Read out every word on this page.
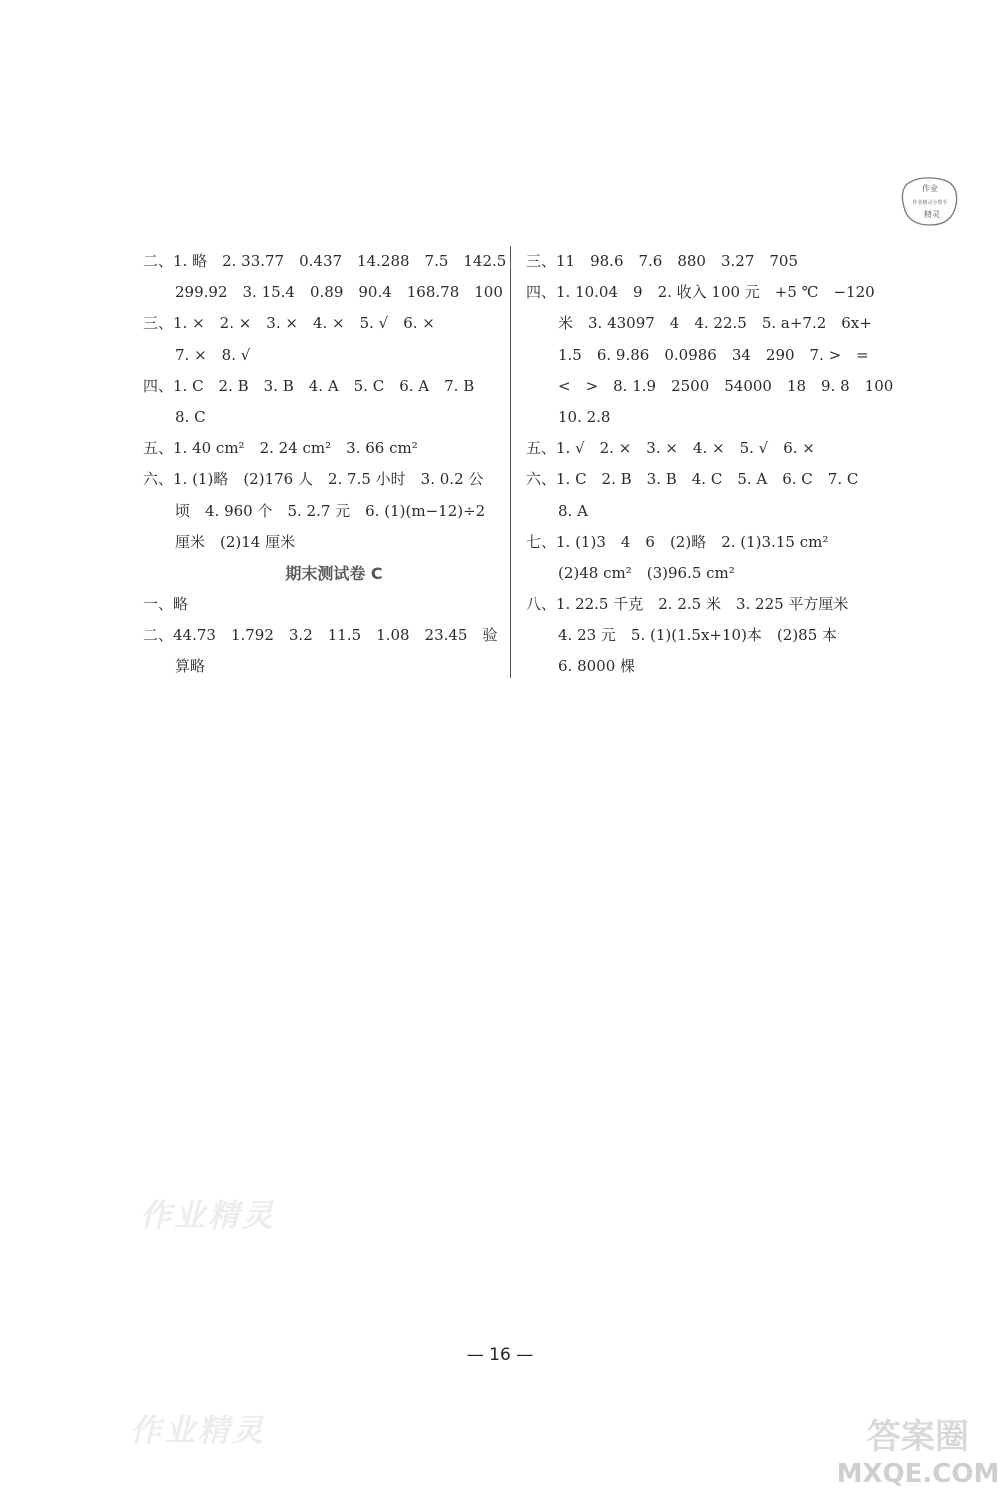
二、1. 略　2. 33.77　0.437　14.288　7.5　142.5
299.92　3. 15.4　0.89　90.4　168.78　100
三、1. ×　2. ×　3. ×　4. ×　5. √　6. ×
7. ×　8. √
四、1. C　2. B　3. B　4. A　5. C　6. A　7. B
8. C
五、1. 40 cm²　2. 24 cm²　3. 66 cm²
六、1. (1)略　(2)176 人　2. 7.5 小时　3. 0.2 公
顷　4. 960 个　5. 2.7 元　6. (1)(m−12)÷2
厘米　(2)14 厘米
期末测试卷 C
一、略
二、44.73　1.792　3.2　11.5　1.08　23.45　验
算略
三、11　98.6　7.6　880　3.27　705
四、1. 10.04　9　2. 收入 100 元　+5 ℃　−120
米　3. 43097　4　4. 22.5　5. a+7.2　6x+
1.5　6. 9.86　0.0986　34　290　7. >　=
<　>　8. 1.9　2500　54000　18　9. 8　100
10. 2.8
五、1. √　2. ×　3. ×　4. ×　5. √　6. ×
六、1. C　2. B　3. B　4. C　5. A　6. C　7. C
8. A
七、1. (1)3　4　6　(2)略　2. (1)3.15 cm²
(2)48 cm²　(3)96.5 cm²
八、1. 22.5 千克　2. 2.5 米　3. 225 平方厘米
4. 23 元　5. (1)(1.5x+10)本　(2)85 本
6. 8000 棵
作业
作业精灵小帮手
精灵
作业精灵
— 16 —
作业精灵	答案圈
MXQE.COM
